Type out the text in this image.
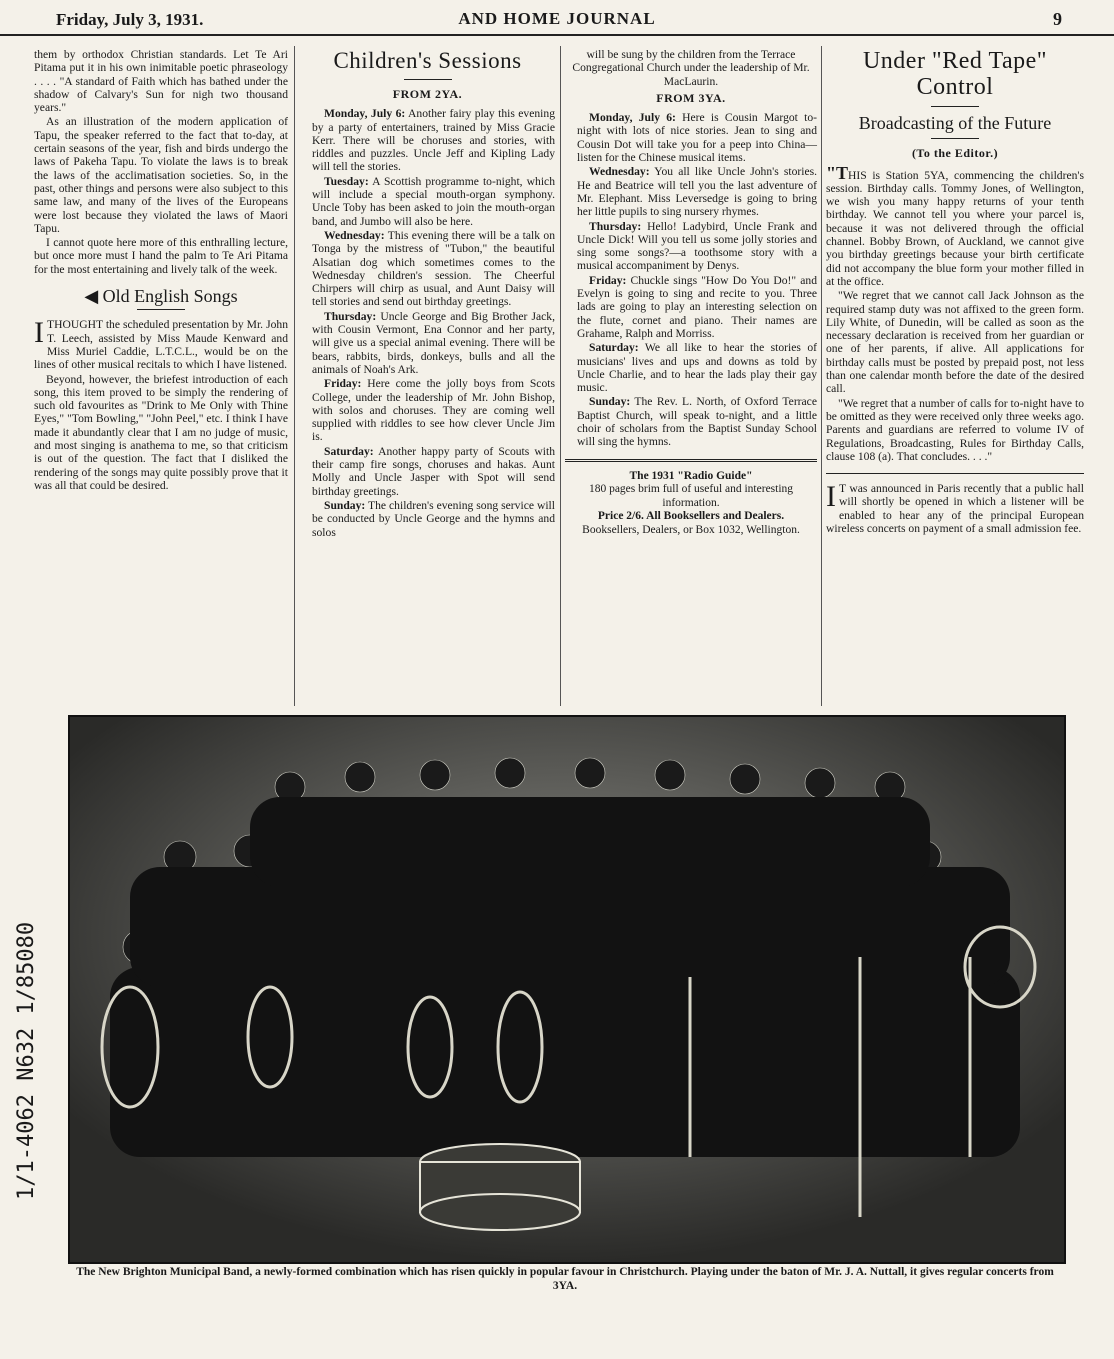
Friday, July 3, 1931.	AND HOME JOURNAL	9

them by orthodox Christian standards. Let Te Ari Pitama put it in his own inimitable poetic phraseology . . . . "A standard of Faith which has bathed under the shadow of Calvary's Sun for nigh two thousand years."

As an illustration of the modern application of Tapu, the speaker referred to the fact that to-day, at certain seasons of the year, fish and birds undergo the laws of Pakeha Tapu. To violate the laws is to break the laws of the acclimatisation societies. So, in the past, other things and persons were also subject to this same law, and many of the lives of the Europeans were lost because they violated the laws of Maori Tapu.

I cannot quote here more of this enthralling lecture, but once more must I hand the palm to Te Ari Pitama for the most entertaining and lively talk of the week.

◀ Old English Songs

ITHOUGHT the scheduled presentation by Mr. John T. Leech, assisted by Miss Maude Kenward and Miss Muriel Caddie, L.T.C.L., would be on the lines of other musical recitals to which I have listened.

Beyond, however, the briefest introduction of each song, this item proved to be simply the rendering of such old favourites as "Drink to Me Only with Thine Eyes," "Tom Bowling," "John Peel," etc. I think I have made it abundantly clear that I am no judge of music, and most singing is anathema to me, so that criticism is out of the question. The fact that I disliked the rendering of the songs may quite possibly prove that it was all that could be desired.

Children's Sessions
FROM 2YA.

Monday, July 6: Another fairy play this evening by a party of entertainers, trained by Miss Gracie Kerr. There will be choruses and stories, with riddles and puzzles. Uncle Jeff and Kipling Lady will tell the stories.

Tuesday: A Scottish programme to-night, which will include a special mouth-organ symphony. Uncle Toby has been asked to join the mouth-organ band, and Jumbo will also be here.

Wednesday: This evening there will be a talk on Tonga by the mistress of "Tubon," the beautiful Alsatian dog which sometimes comes to the Wednesday children's session. The Cheerful Chirpers will chirp as usual, and Aunt Daisy will tell stories and send out birthday greetings.

Thursday: Uncle George and Big Brother Jack, with Cousin Vermont, Ena Connor and her party, will give us a special animal evening. There will be bears, rabbits, birds, donkeys, bulls and all the animals of Noah's Ark.

Friday: Here come the jolly boys from Scots College, under the leadership of Mr. John Bishop, with solos and choruses. They are coming well supplied with riddles to see how clever Uncle Jim is.

Saturday: Another happy party of Scouts with their camp fire songs, choruses and hakas. Aunt Molly and Uncle Jasper with Spot will send birthday greetings.

Sunday: The children's evening song service will be conducted by Uncle George and the hymns and solos

will be sung by the children from the Terrace Congregational Church under the leadership of Mr. MacLaurin.

FROM 3YA.

Monday, July 6: Here is Cousin Margot to-night with lots of nice stories. Jean to sing and Cousin Dot will take you for a peep into China—listen for the Chinese musical items.

Wednesday: You all like Uncle John's stories. He and Beatrice will tell you the last adventure of Mr. Elephant. Miss Leversedge is going to bring her little pupils to sing nursery rhymes.

Thursday: Hello! Ladybird, Uncle Frank and Uncle Dick! Will you tell us some jolly stories and sing some songs?—a toothsome story with a musical accompaniment by Denys.

Friday: Chuckle sings "How Do You Do!" and Evelyn is going to sing and recite to you. Three lads are going to play an interesting selection on the flute, cornet and piano. Their names are Grahame, Ralph and Morriss.

Saturday: We all like to hear the stories of musicians' lives and ups and downs as told by Uncle Charlie, and to hear the lads play their gay music.

Sunday: The Rev. L. North, of Oxford Terrace Baptist Church, will speak to-night, and a little choir of scholars from the Baptist Sunday School will sing the hymns.

The 1931 "Radio Guide"
180 pages brim full of useful and interesting information.
Price 2/6. All Booksellers and Dealers.
Booksellers, Dealers, or Box 1032, Wellington.
Under "Red Tape" Control
Broadcasting of the Future
(To the Editor.)

"THIS is Station 5YA, commencing the children's session. Birthday calls. Tommy Jones, of Wellington, we wish you many happy returns of your tenth birthday. We cannot tell you where your parcel is, because it was not delivered through the official channel. Bobby Brown, of Auckland, we cannot give you birthday greetings because your birth certificate did not accompany the blue form your mother filled in at the office.

"We regret that we cannot call Jack Johnson as the required stamp duty was not affixed to the green form. Lily White, of Dunedin, will be called as soon as the necessary declaration is received from her guardian or one of her parents, if alive. All applications for birthday calls must be posted by prepaid post, not less than one calendar month before the date of the desired call.

"We regret that a number of calls for to-night have to be omitted as they were received only three weeks ago. Parents and guardians are referred to volume IV of Regulations, Broadcasting, Rules for Birthday Calls, clause 108 (a). That concludes. . . ."

I T was announced in Paris recently that a public hall will shortly be opened in which a listener will be enabled to hear any of the principal European wireless concerts on payment of a small admission fee.

The New Brighton Municipal Band, a newly-formed combination which has risen quickly in popular favour in Christchurch. Playing under the baton of Mr. J. A. Nuttall, it gives regular concerts from 3YA.
1/1-4062 N632 1/85080
